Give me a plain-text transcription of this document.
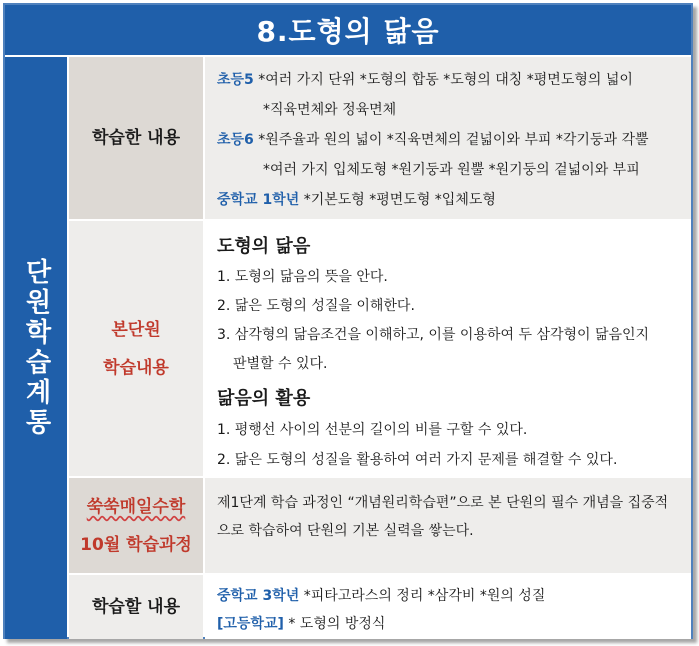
8.도형의 닮음
단원학습계통
학습한 내용
초등5 *여러 가지 단위 *도형의 합동 *도형의 대칭 *평면도형의 넓이
*직육면체와 정육면체
초등6 *원주율과 원의 넓이 *직육면체의 겉넓이와 부피 *각기둥과 각뿔
*여러 가지 입체도형 *원기둥과 원뿔 *원기둥의 겉넓이와 부피
중학교 1학년 *기본도형 *평면도형 *입체도형
본단원
학습내용
도형의 닮음
1. 도형의 닮음의 뜻을 안다.
2. 닮은 도형의 성질을 이해한다.
3. 삼각형의 닮음조건을 이해하고, 이를 이용하여 두 삼각형이 닮음인지
판별할 수 있다.
닮음의 활용
1. 평행선 사이의 선분의 길이의 비를 구할 수 있다.
2. 닮은 도형의 성질을 활용하여 여러 가지 문제를 해결할 수 있다.
쑥쑥매일수학
10월 학습과정
제1단계 학습 과정인 “개념원리학습편”으로 본 단원의 필수 개념을 집중적
으로 학습하여 단원의 기본 실력을 쌓는다.
학습할 내용
중학교 3학년 *피타고라스의 정리 *삼각비 *원의 성질
[고등학교] * 도형의 방정식
